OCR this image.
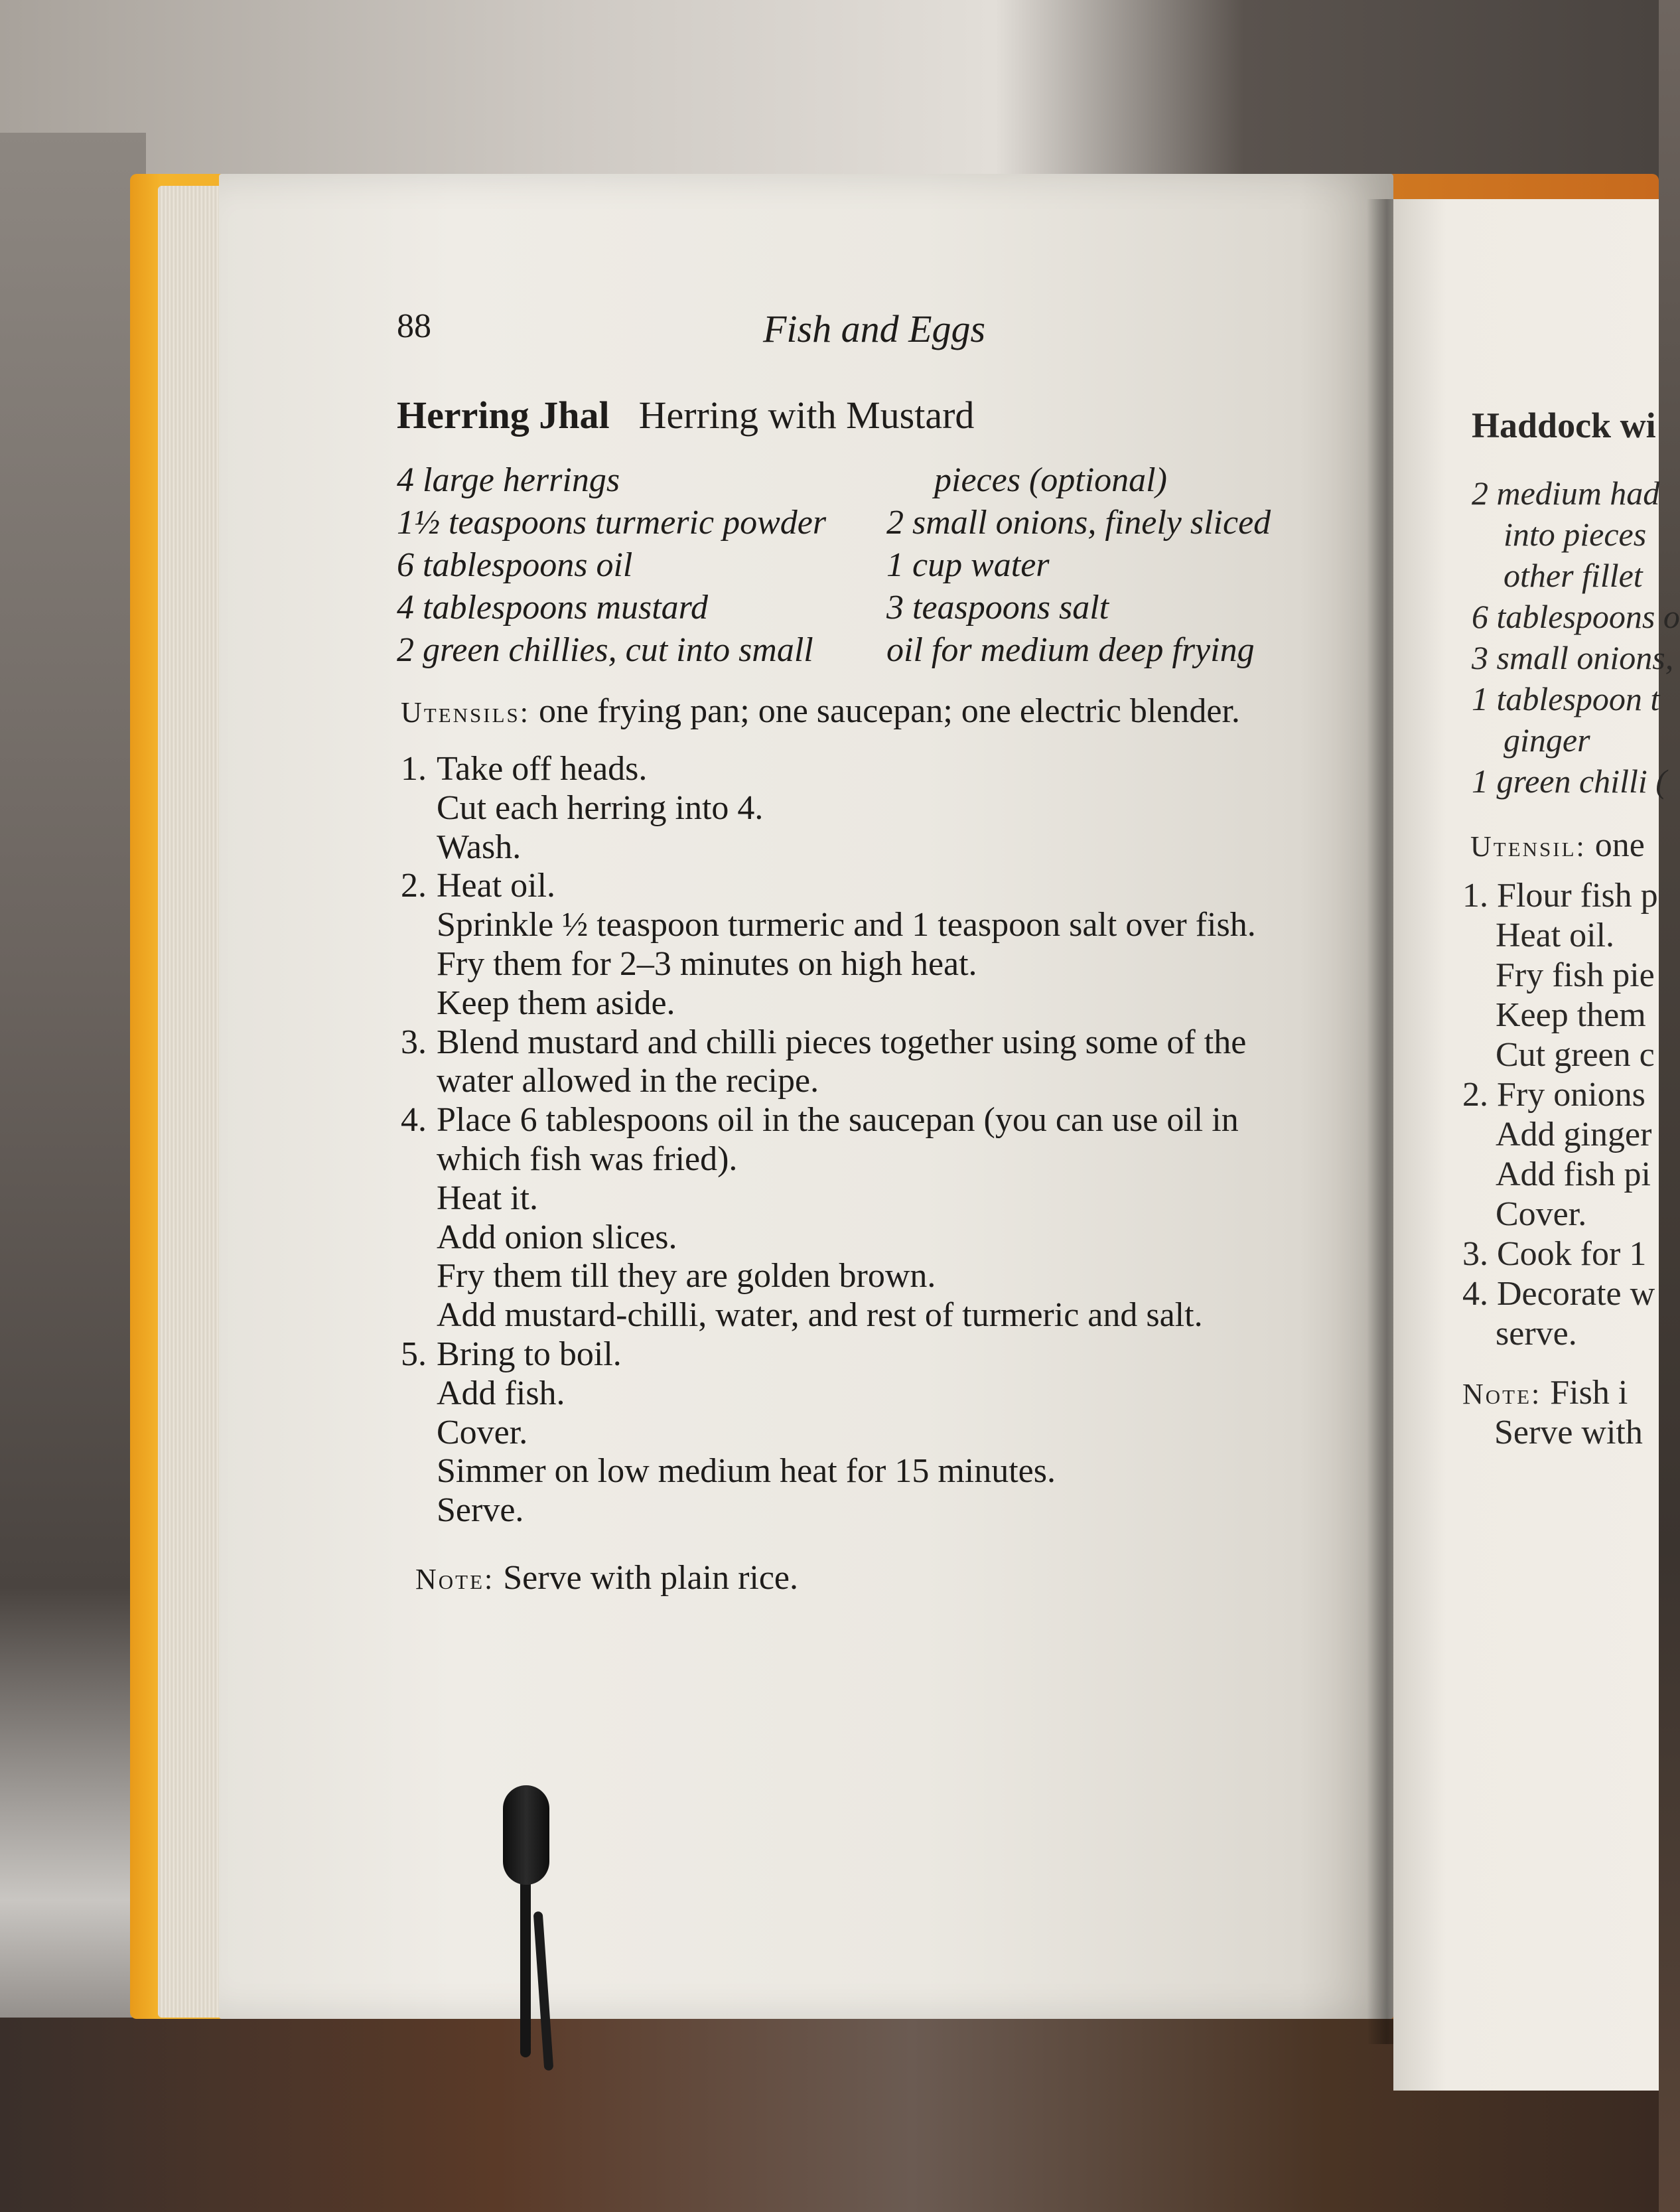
88	Fish and Eggs
Herring Jhal Herring with Mustard
4 large herrings
1½ teaspoons turmeric powder
6 tablespoons oil
4 tablespoons mustard
2 green chillies, cut into small
pieces (optional)
2 small onions, finely sliced
1 cup water
3 teaspoons salt
oil for medium deep frying
Utensils: one frying pan; one saucepan; one electric blender.
1. Take off heads.
Cut each herring into 4.
Wash.
2. Heat oil.
Sprinkle ½ teaspoon turmeric and 1 teaspoon salt over fish.
Fry them for 2–3 minutes on high heat.
Keep them aside.
3. Blend mustard and chilli pieces together using some of the
water allowed in the recipe.
4. Place 6 tablespoons oil in the saucepan (you can use oil in
which fish was fried).
Heat it.
Add onion slices.
Fry them till they are golden brown.
Add mustard-chilli, water, and rest of turmeric and salt.
5. Bring to boil.
Add fish.
Cover.
Simmer on low medium heat for 15 minutes.
Serve.
Note: Serve with plain rice.
Haddock wi
2 medium had
into pieces
other fillet
6 tablespoons o
3 small onions,
1 tablespoon t
ginger
1 green chilli (
Utensil: one
1. Flour fish p
Heat oil.
Fry fish pie
Keep them
Cut green c
2. Fry onions
Add ginger
Add fish pi
Cover.
3. Cook for 1
4. Decorate w
serve.
Note: Fish i
Serve with
